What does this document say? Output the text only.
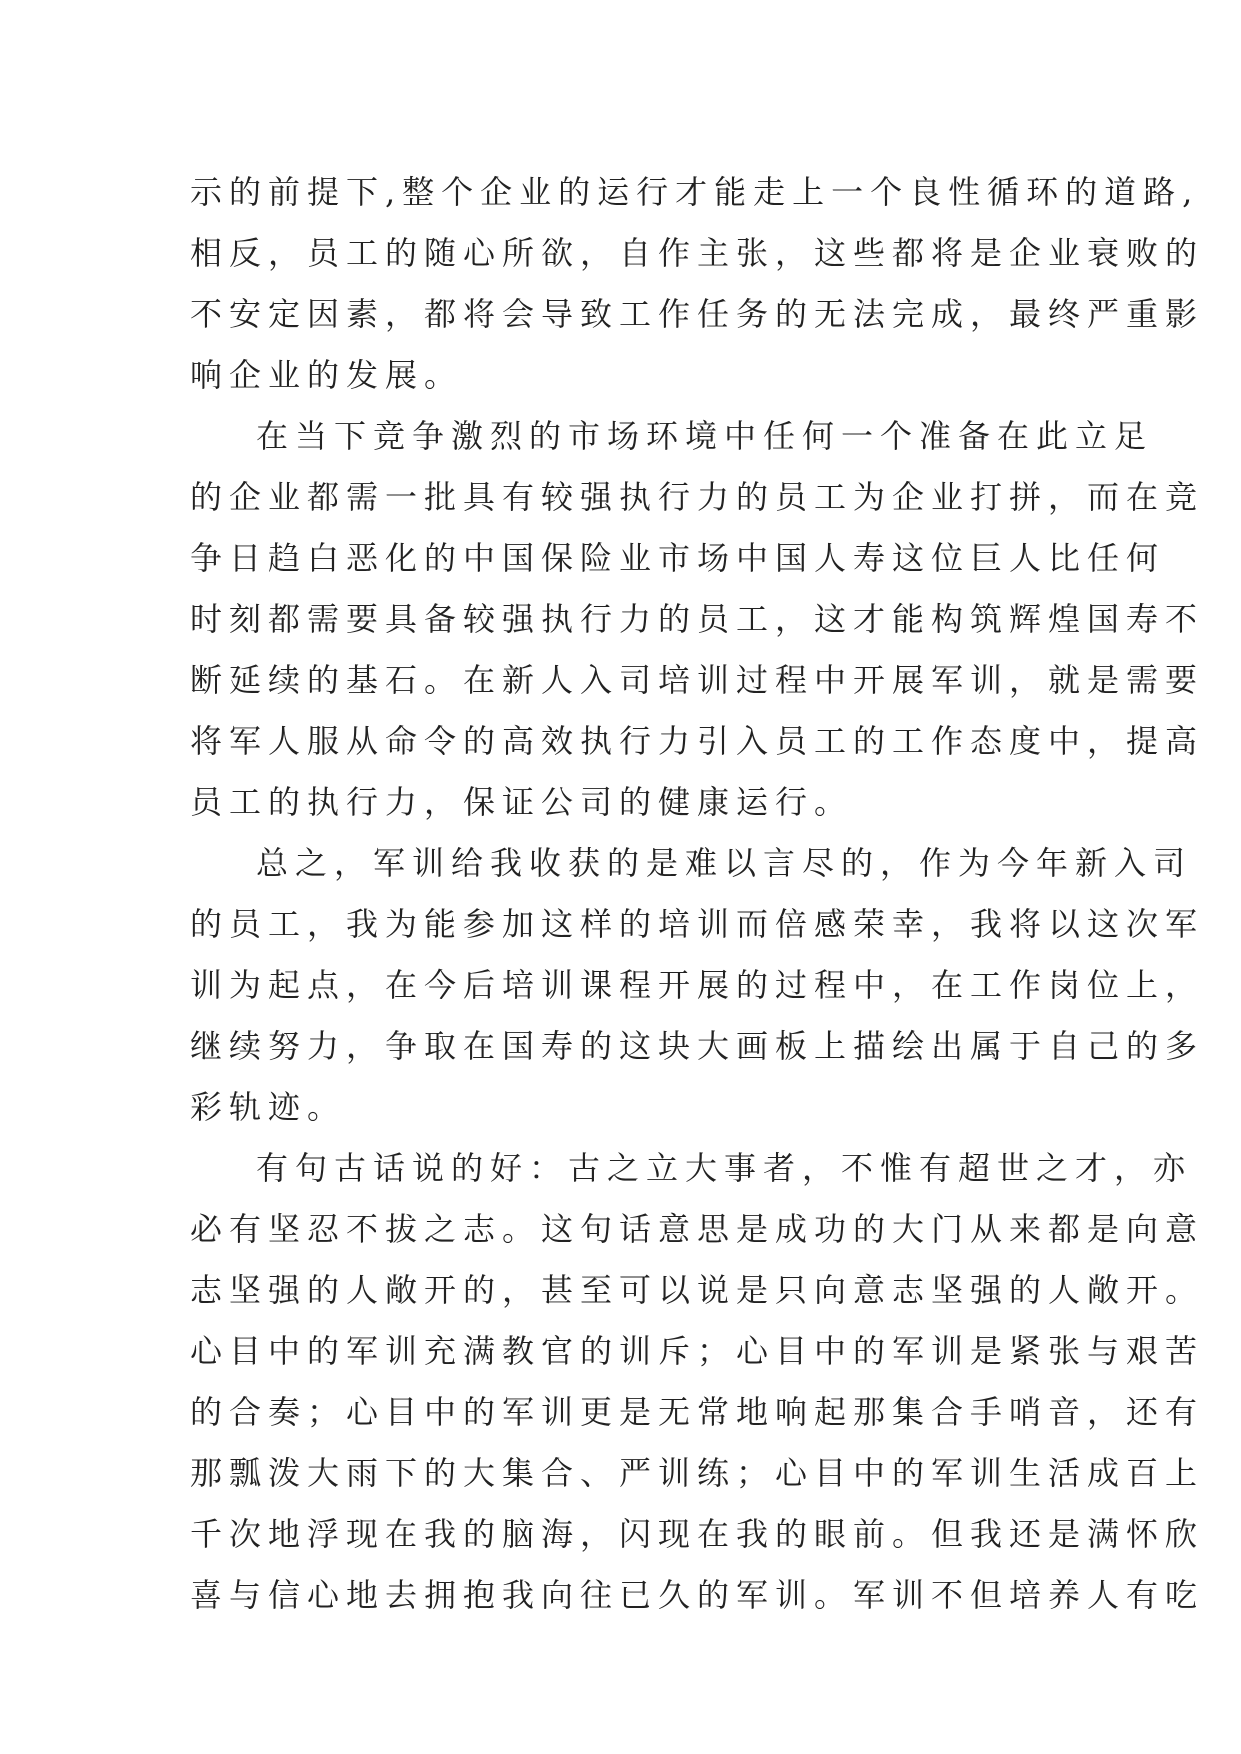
示的前提下,整个企业的运行才能走上一个良性循环的道路,
相反，员工的随心所欲，自作主张，这些都将是企业衰败的
不安定因素，都将会导致工作任务的无法完成，最终严重影
响企业的发展。
在当下竞争激烈的市场环境中任何一个准备在此立足
的企业都需一批具有较强执行力的员工为企业打拼，而在竞
争日趋白恶化的中国保险业市场中国人寿这位巨人比任何
时刻都需要具备较强执行力的员工，这才能构筑辉煌国寿不
断延续的基石。在新人入司培训过程中开展军训，就是需要
将军人服从命令的高效执行力引入员工的工作态度中，提高
员工的执行力，保证公司的健康运行。
总之，军训给我收获的是难以言尽的，作为今年新入司
的员工，我为能参加这样的培训而倍感荣幸，我将以这次军
训为起点，在今后培训课程开展的过程中，在工作岗位上，
继续努力，争取在国寿的这块大画板上描绘出属于自己的多
彩轨迹。
有句古话说的好：古之立大事者，不惟有超世之才，亦
必有坚忍不拔之志。这句话意思是成功的大门从来都是向意
志坚强的人敞开的，甚至可以说是只向意志坚强的人敞开。
心目中的军训充满教官的训斥；心目中的军训是紧张与艰苦
的合奏；心目中的军训更是无常地响起那集合手哨音，还有
那瓢泼大雨下的大集合、严训练；心目中的军训生活成百上
千次地浮现在我的脑海，闪现在我的眼前。但我还是满怀欣
喜与信心地去拥抱我向往已久的军训。军训不但培养人有吃
